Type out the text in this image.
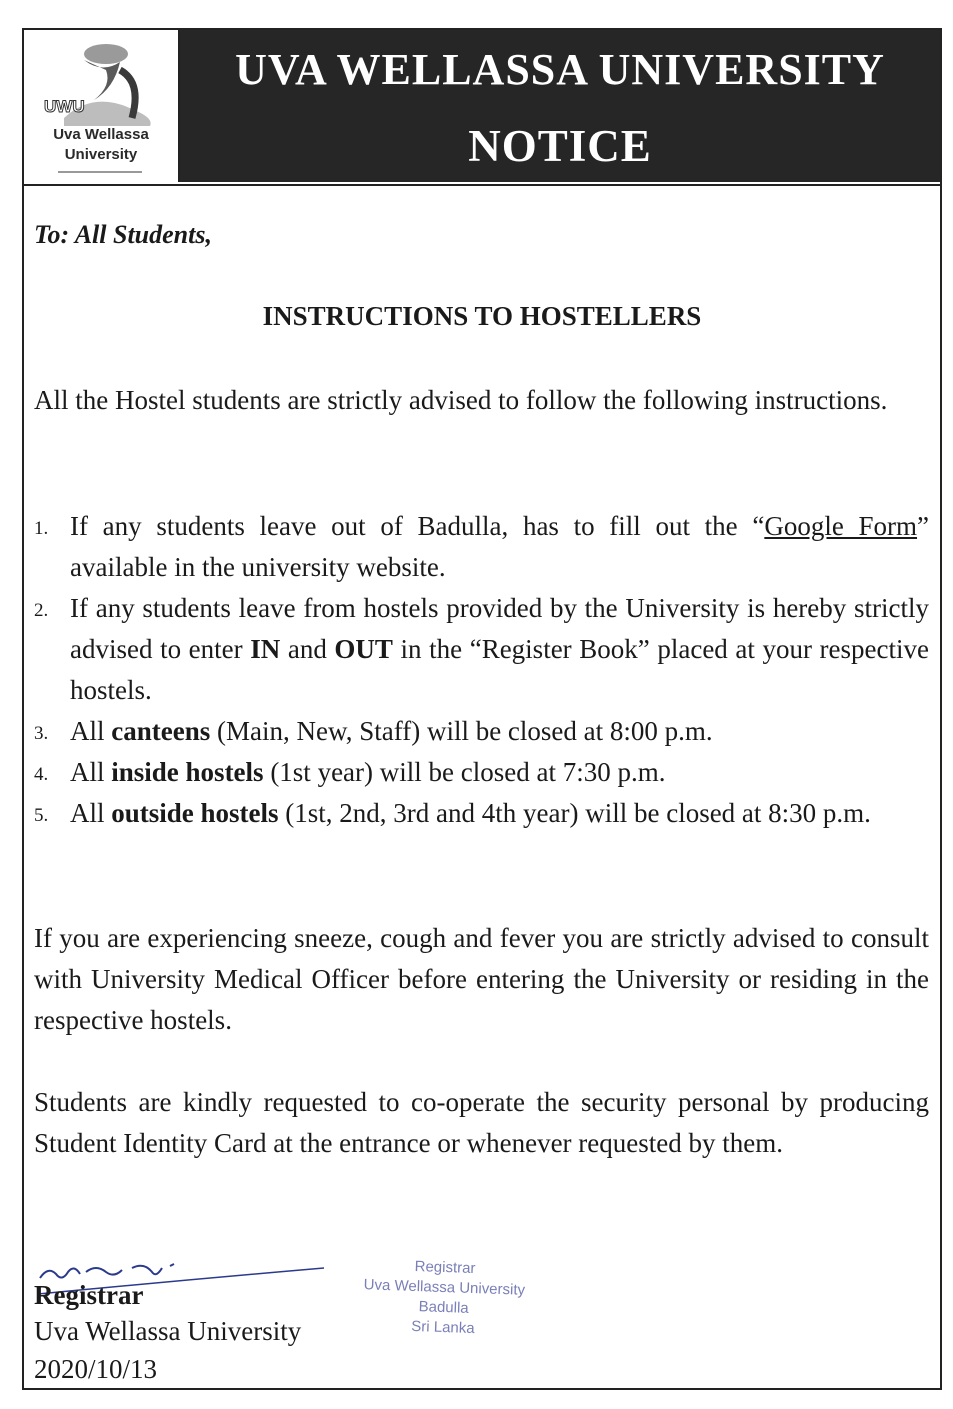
UWU
Uva Wellassa
University
UVA WELLASSA UNIVERSITY
NOTICE
To: All Students,
INSTRUCTIONS TO HOSTELLERS

All the Hostel students are strictly advised to follow the following instructions.

1. If any students leave out of Badulla, has to fill out the “Google Form” available in the university website.
2. If any students leave from hostels provided by the University is hereby strictly advised to enter IN and OUT in the “Register Book” placed at your respective hostels.
3. All canteens (Main, New, Staff) will be closed at 8:00 p.m.
4. All inside hostels (1st year) will be closed at 7:30 p.m.
5. All outside hostels (1st, 2nd, 3rd and 4th year) will be closed at 8:30 p.m.

If you are experiencing sneeze, cough and fever you are strictly advised to consult with University Medical Officer before entering the University or residing in the respective hostels.

Students are kindly requested to co-operate the security personal by producing Student Identity Card at the entrance or whenever requested by them.

Registrar
Uva Wellassa University
2020/10/13
Registrar
Uva Wellassa University
Badulla
Sri Lanka
